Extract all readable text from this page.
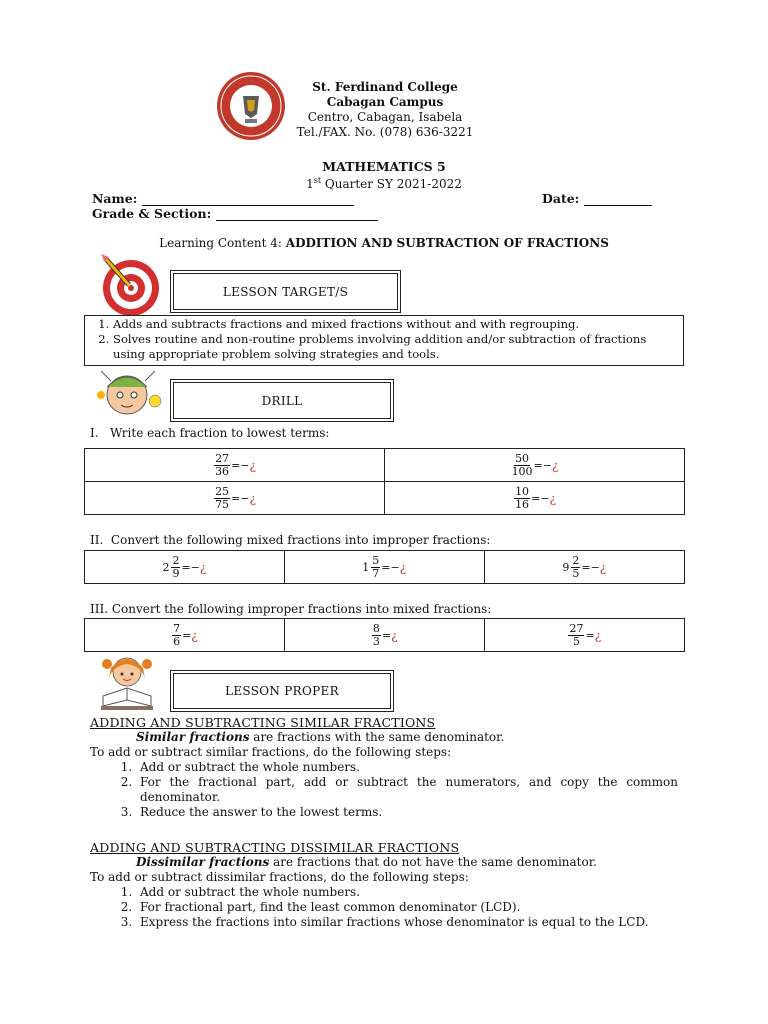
St. Ferdinand College
Cabagan Campus
Centro, Cabagan, Isabela
Tel./FAX. No. (078) 636-3221
MATHEMATICS 5
1st Quarter SY 2021-2022
Name:	Date:
Grade & Section:
Learning Content 4: ADDITION AND SUBTRACTION OF FRACTIONS
LESSON TARGET/S
1. Adds and subtracts fractions and mixed fractions without and with regrouping.
2. Solves routine and non-routine problems involving addition and/or subtraction of fractions using appropriate problem solving strategies and tools.
DRILL
I.   Write each fraction to lowest terms:
$\frac{27}{36}$ =−¿	$\frac{50}{100}$ =−¿

$\frac{25}{75}$ =−¿	$\frac{10}{16}$ =−¿
II.  Convert the following mixed fractions into improper fractions:
$2 \frac{2}{9}$ =−¿	$1 \frac{5}{7}$ =−¿	$9 \frac{2}{5}$ =−¿
III. Convert the following improper fractions into mixed fractions:
$\frac{7}{6}$ =¿	$\frac{8}{3}$ =¿	$\frac{27}{5}$ =¿
LESSON PROPER
ADDING AND SUBTRACTING SIMILAR FRACTIONS
Similar fractions are fractions with the same denominator.
To add or subtract similar fractions, do the following steps:
1. Add or subtract the whole numbers.
2. For the fractional part, add or subtract the numerators, and copy the common denominator.
3. Reduce the answer to the lowest terms.
ADDING AND SUBTRACTING DISSIMILAR FRACTIONS
Dissimilar fractions are fractions that do not have the same denominator.
To add or subtract dissimilar fractions, do the following steps:
1. Add or subtract the whole numbers.
2. For fractional part, find the least common denominator (LCD).
3. Express the fractions into similar fractions whose denominator is equal to the LCD.
